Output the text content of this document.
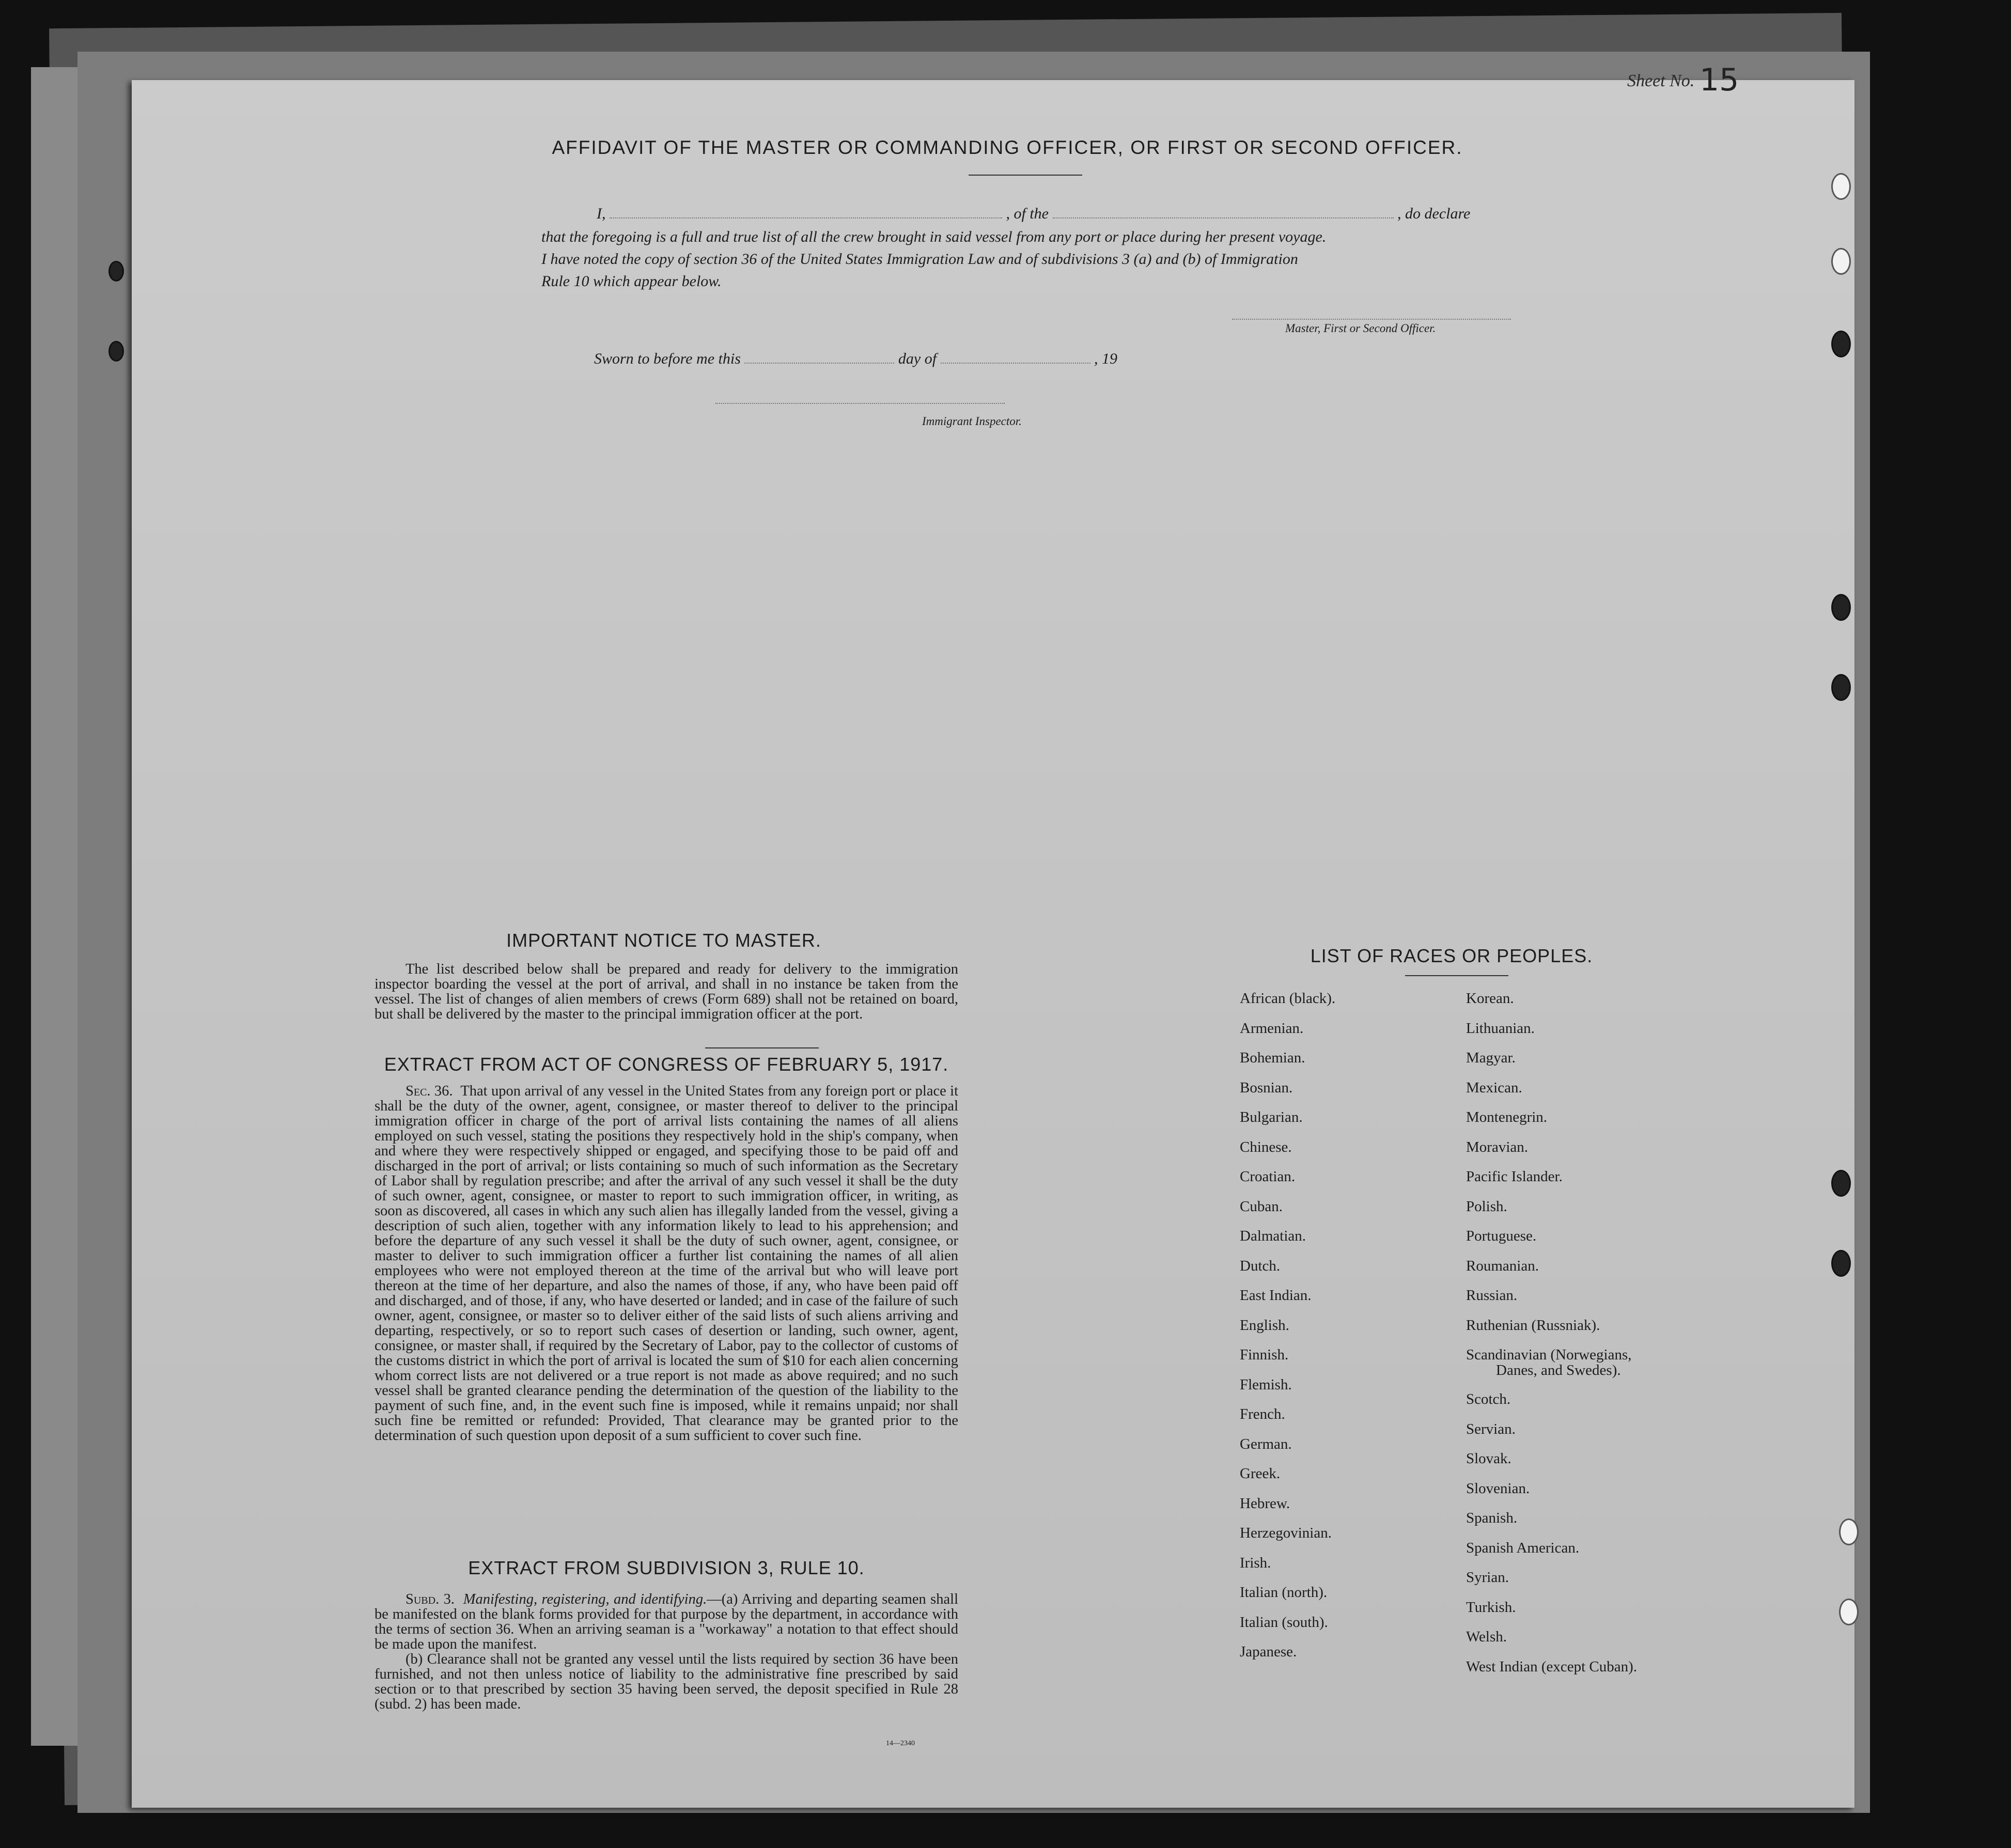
Sheet No. 15
146
30-1
AFFIDAVIT OF THE MASTER OR COMMANDING OFFICER, OR FIRST OR SECOND OFFICER.
I,	, of the	, do declare
that the foregoing is a full and true list of all the crew brought in said vessel from any port or place during her present voyage.
I have noted the copy of section 36 of the United States Immigration Law and of subdivisions 3 (a) and (b) of Immigration
Rule 10 which appear below.
Master, First or Second Officer.
Sworn to before me this	day of	, 19
Immigrant Inspector.
IMPORTANT NOTICE TO MASTER.

The list described below shall be prepared and ready for delivery to the immigration inspector boarding the vessel at the port of arrival, and shall in no instance be taken from the vessel. The list of changes of alien members of crews (Form 689) shall not be retained on board, but shall be delivered by the master to the principal immigration officer at the port.

EXTRACT FROM ACT OF CONGRESS OF FEBRUARY 5, 1917.

Sec. 36. That upon arrival of any vessel in the United States from any foreign port or place it shall be the duty of the owner, agent, consignee, or master thereof to deliver to the principal immigration officer in charge of the port of arrival lists containing the names of all aliens employed on such vessel, stating the positions they respectively hold in the ship's company, when and where they were respectively shipped or engaged, and specifying those to be paid off and discharged in the port of arrival; or lists containing so much of such information as the Secretary of Labor shall by regulation prescribe; and after the arrival of any such vessel it shall be the duty of such owner, agent, consignee, or master to report to such immigration officer, in writing, as soon as discovered, all cases in which any such alien has illegally landed from the vessel, giving a description of such alien, together with any information likely to lead to his apprehension; and before the departure of any such vessel it shall be the duty of such owner, agent, consignee, or master to deliver to such immigration officer a further list containing the names of all alien employees who were not employed thereon at the time of the arrival but who will leave port thereon at the time of her departure, and also the names of those, if any, who have been paid off and discharged, and of those, if any, who have deserted or landed; and in case of the failure of such owner, agent, consignee, or master so to deliver either of the said lists of such aliens arriving and departing, respectively, or so to report such cases of desertion or landing, such owner, agent, consignee, or master shall, if required by the Secretary of Labor, pay to the collector of customs of the customs district in which the port of arrival is located the sum of $10 for each alien concerning whom correct lists are not delivered or a true report is not made as above required; and no such vessel shall be granted clearance pending the determination of the question of the liability to the payment of such fine, and, in the event such fine is imposed, while it remains unpaid; nor shall such fine be remitted or refunded: Provided, That clearance may be granted prior to the determination of such question upon deposit of a sum sufficient to cover such fine.

EXTRACT FROM SUBDIVISION 3, RULE 10.

Subd. 3. Manifesting, registering, and identifying.—(a) Arriving and departing seamen shall be manifested on the blank forms provided for that purpose by the department, in accordance with the terms of section 36. When an arriving seaman is a "workaway" a notation to that effect should be made upon the manifest.

(b) Clearance shall not be granted any vessel until the lists required by section 36 have been furnished, and not then unless notice of liability to the administrative fine prescribed by said section or to that prescribed by section 35 having been served, the deposit specified in Rule 28 (subd. 2) has been made.

14—2340
LIST OF RACES OR PEOPLES.
African (black).
Armenian.
Bohemian.
Bosnian.
Bulgarian.
Chinese.
Croatian.
Cuban.
Dalmatian.
Dutch.
East Indian.
English.
Finnish.
Flemish.
French.
German.
Greek.
Hebrew.
Herzegovinian.
Irish.
Italian (north).
Italian (south).
Japanese.
Korean.
Lithuanian.
Magyar.
Mexican.
Montenegrin.
Moravian.
Pacific Islander.
Polish.
Portuguese.
Roumanian.
Russian.
Ruthenian (Russniak).
Scandinavian (Norwegians,
Danes, and Swedes).
Scotch.
Servian.
Slovak.
Slovenian.
Spanish.
Spanish American.
Syrian.
Turkish.
Welsh.
West Indian (except Cuban).
